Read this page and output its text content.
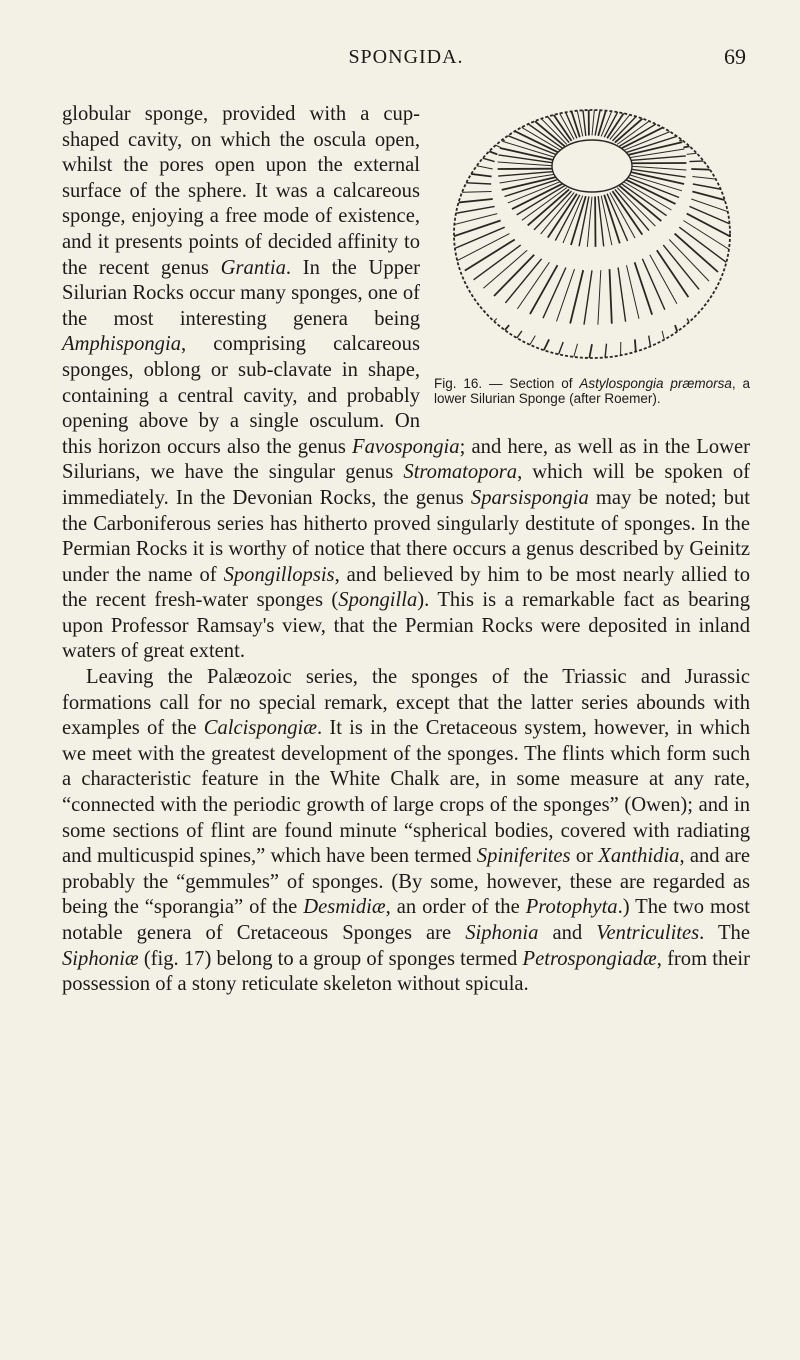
SPONGIDA.	69
Fig. 16. — Section of Astylospongia præmorsa, a lower Silurian Sponge (after Roemer).

globular sponge, provided with a cup-shaped cavity, on which the oscula open, whilst the pores open upon the external surface of the sphere. It was a calcareous sponge, enjoying a free mode of existence, and it presents points of decided affinity to the recent genus Grantia. In the Upper Silurian Rocks occur many sponges, one of the most interesting genera being Amphispongia, comprising calcareous sponges, oblong or sub-clavate in shape, containing a central cavity, and probably opening above by a single osculum. On this horizon occurs also the genus Favospongia; and here, as well as in the Lower Silurians, we have the singular genus Stromatopora, which will be spoken of immediately. In the Devonian Rocks, the genus Sparsispongia may be noted; but the Carboniferous series has hitherto proved singularly destitute of sponges. In the Permian Rocks it is worthy of notice that there occurs a genus described by Geinitz under the name of Spongillopsis, and believed by him to be most nearly allied to the recent fresh-water sponges (Spongilla). This is a remarkable fact as bearing upon Professor Ramsay's view, that the Permian Rocks were deposited in inland waters of great extent.

Leaving the Palæozoic series, the sponges of the Triassic and Jurassic formations call for no special remark, except that the latter series abounds with examples of the Calcispongiæ. It is in the Cretaceous system, however, in which we meet with the greatest development of the sponges. The flints which form such a characteristic feature in the White Chalk are, in some measure at any rate, “connected with the periodic growth of large crops of the sponges” (Owen); and in some sections of flint are found minute “spherical bodies, covered with radiating and multicuspid spines,” which have been termed Spiniferites or Xanthidia, and are probably the “gemmules” of sponges. (By some, however, these are regarded as being the “sporangia” of the Desmidiæ, an order of the Protophyta.) The two most notable genera of Cretaceous Sponges are Siphonia and Ventriculites. The Siphoniæ (fig. 17) belong to a group of sponges termed Petrospongiadæ, from their possession of a stony reticulate skeleton without spicula.
